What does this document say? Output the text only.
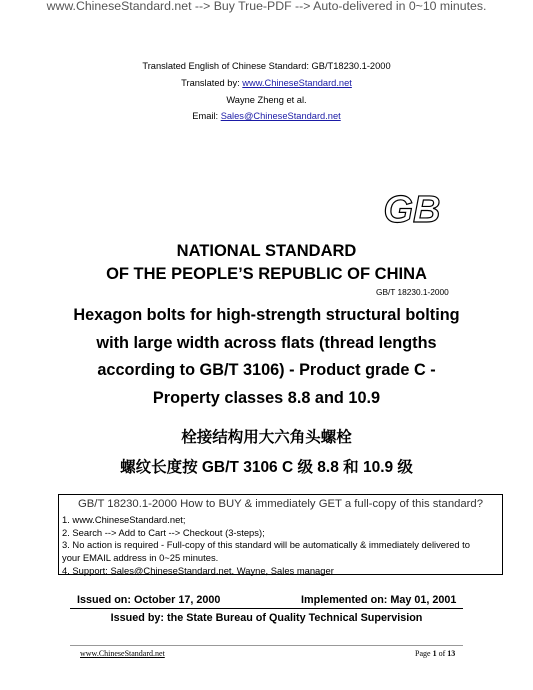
www.ChineseStandard.net --> Buy True-PDF --> Auto-delivered in 0~10 minutes.
Translated English of Chinese Standard: GB/T18230.1-2000
Translated by: www.ChineseStandard.net
Wayne Zheng et al.
Email: Sales@ChineseStandard.net
GB
NATIONAL STANDARD
OF THE PEOPLE’S REPUBLIC OF CHINA
GB/T 18230.1-2000
Hexagon bolts for high-strength structural bolting
with large width across flats (thread lengths
according to GB/T 3106) - Product grade C -
Property classes 8.8 and 10.9
栓接结构用大六角头螺栓
螺纹长度按 GB/T 3106 C 级 8.8 和 10.9 级
GB/T 18230.1-2000 How to BUY & immediately GET a full-copy of this standard?
1. www.ChineseStandard.net;
2. Search --> Add to Cart --> Checkout (3-steps);
3. No action is required - Full-copy of this standard will be automatically & immediately delivered to
your EMAIL address in 0~25 minutes.
4. Support: Sales@ChineseStandard.net. Wayne, Sales manager
Issued on: October 17, 2000	Implemented on: May 01, 2001
Issued by: the State Bureau of Quality Technical Supervision
www.ChineseStandard.net	Page 1 of 13
